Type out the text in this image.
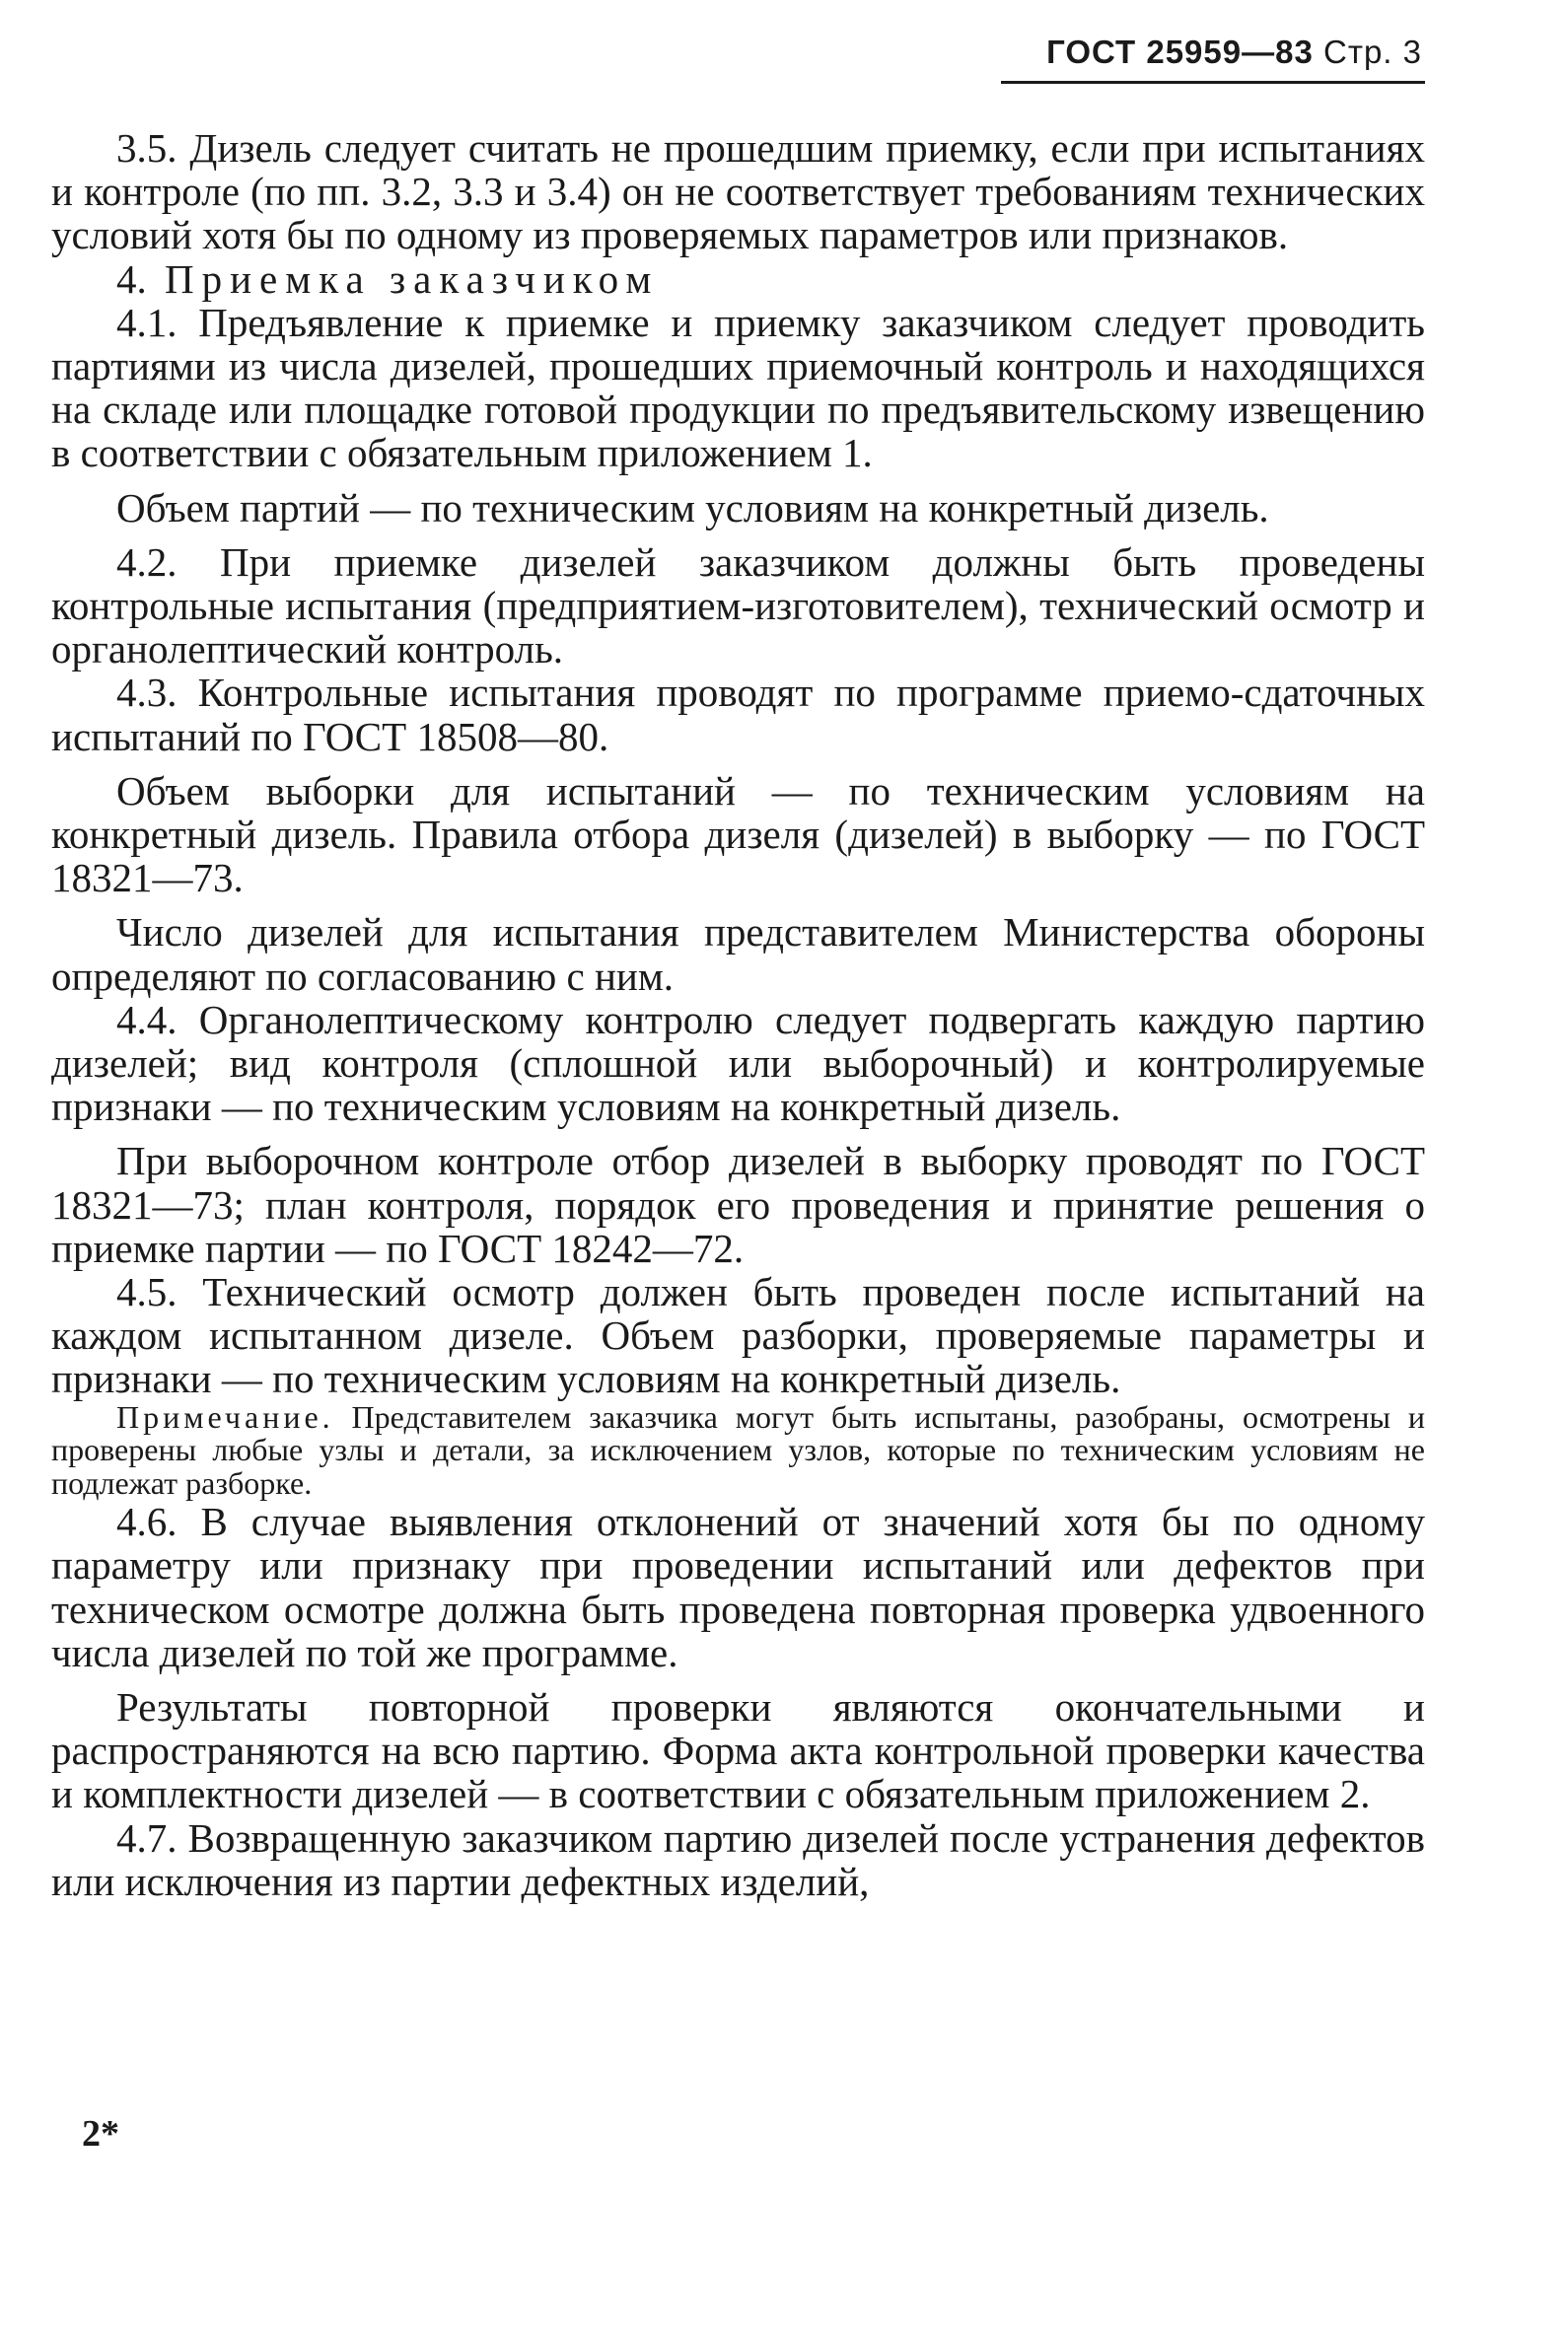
ГОСТ 25959—83 Стр. 3

3.5. Дизель следует считать не прошедшим приемку, если при испытаниях и контроле (по пп. 3.2, 3.3 и 3.4) он не соответствует требованиям технических условий хотя бы по одному из проверяемых параметров или признаков.

4. Приемка заказчиком

4.1. Предъявление к приемке и приемку заказчиком следует проводить партиями из числа дизелей, прошедших приемочный контроль и находящихся на складе или площадке готовой продукции по предъявительскому извещению в соответствии с обязательным приложением 1.

Объем партий — по техническим условиям на конкретный дизель.

4.2. При приемке дизелей заказчиком должны быть проведены контрольные испытания (предприятием-изготовителем), технический осмотр и органолептический контроль.

4.3. Контрольные испытания проводят по программе приемо-сдаточных испытаний по ГОСТ 18508—80.

Объем выборки для испытаний — по техническим условиям на конкретный дизель. Правила отбора дизеля (дизелей) в выборку — по ГОСТ 18321—73.

Число дизелей для испытания представителем Министерства обороны определяют по согласованию с ним.

4.4. Органолептическому контролю следует подвергать каждую партию дизелей; вид контроля (сплошной или выборочный) и контролируемые признаки — по техническим условиям на конкретный дизель.

При выборочном контроле отбор дизелей в выборку проводят по ГОСТ 18321—73; план контроля, порядок его проведения и принятие решения о приемке партии — по ГОСТ 18242—72.

4.5. Технический осмотр должен быть проведен после испытаний на каждом испытанном дизеле. Объем разборки, проверяемые параметры и признаки — по техническим условиям на конкретный дизель.

Примечание. Представителем заказчика могут быть испытаны, разобраны, осмотрены и проверены любые узлы и детали, за исключением узлов, которые по техническим условиям не подлежат разборке.

4.6. В случае выявления отклонений от значений хотя бы по одному параметру или признаку при проведении испытаний или дефектов при техническом осмотре должна быть проведена повторная проверка удвоенного числа дизелей по той же программе.

Результаты повторной проверки являются окончательными и распространяются на всю партию. Форма акта контрольной проверки качества и комплектности дизелей — в соответствии с обязательным приложением 2.

4.7. Возвращенную заказчиком партию дизелей после устранения дефектов или исключения из партии дефектных изделий,

2*
